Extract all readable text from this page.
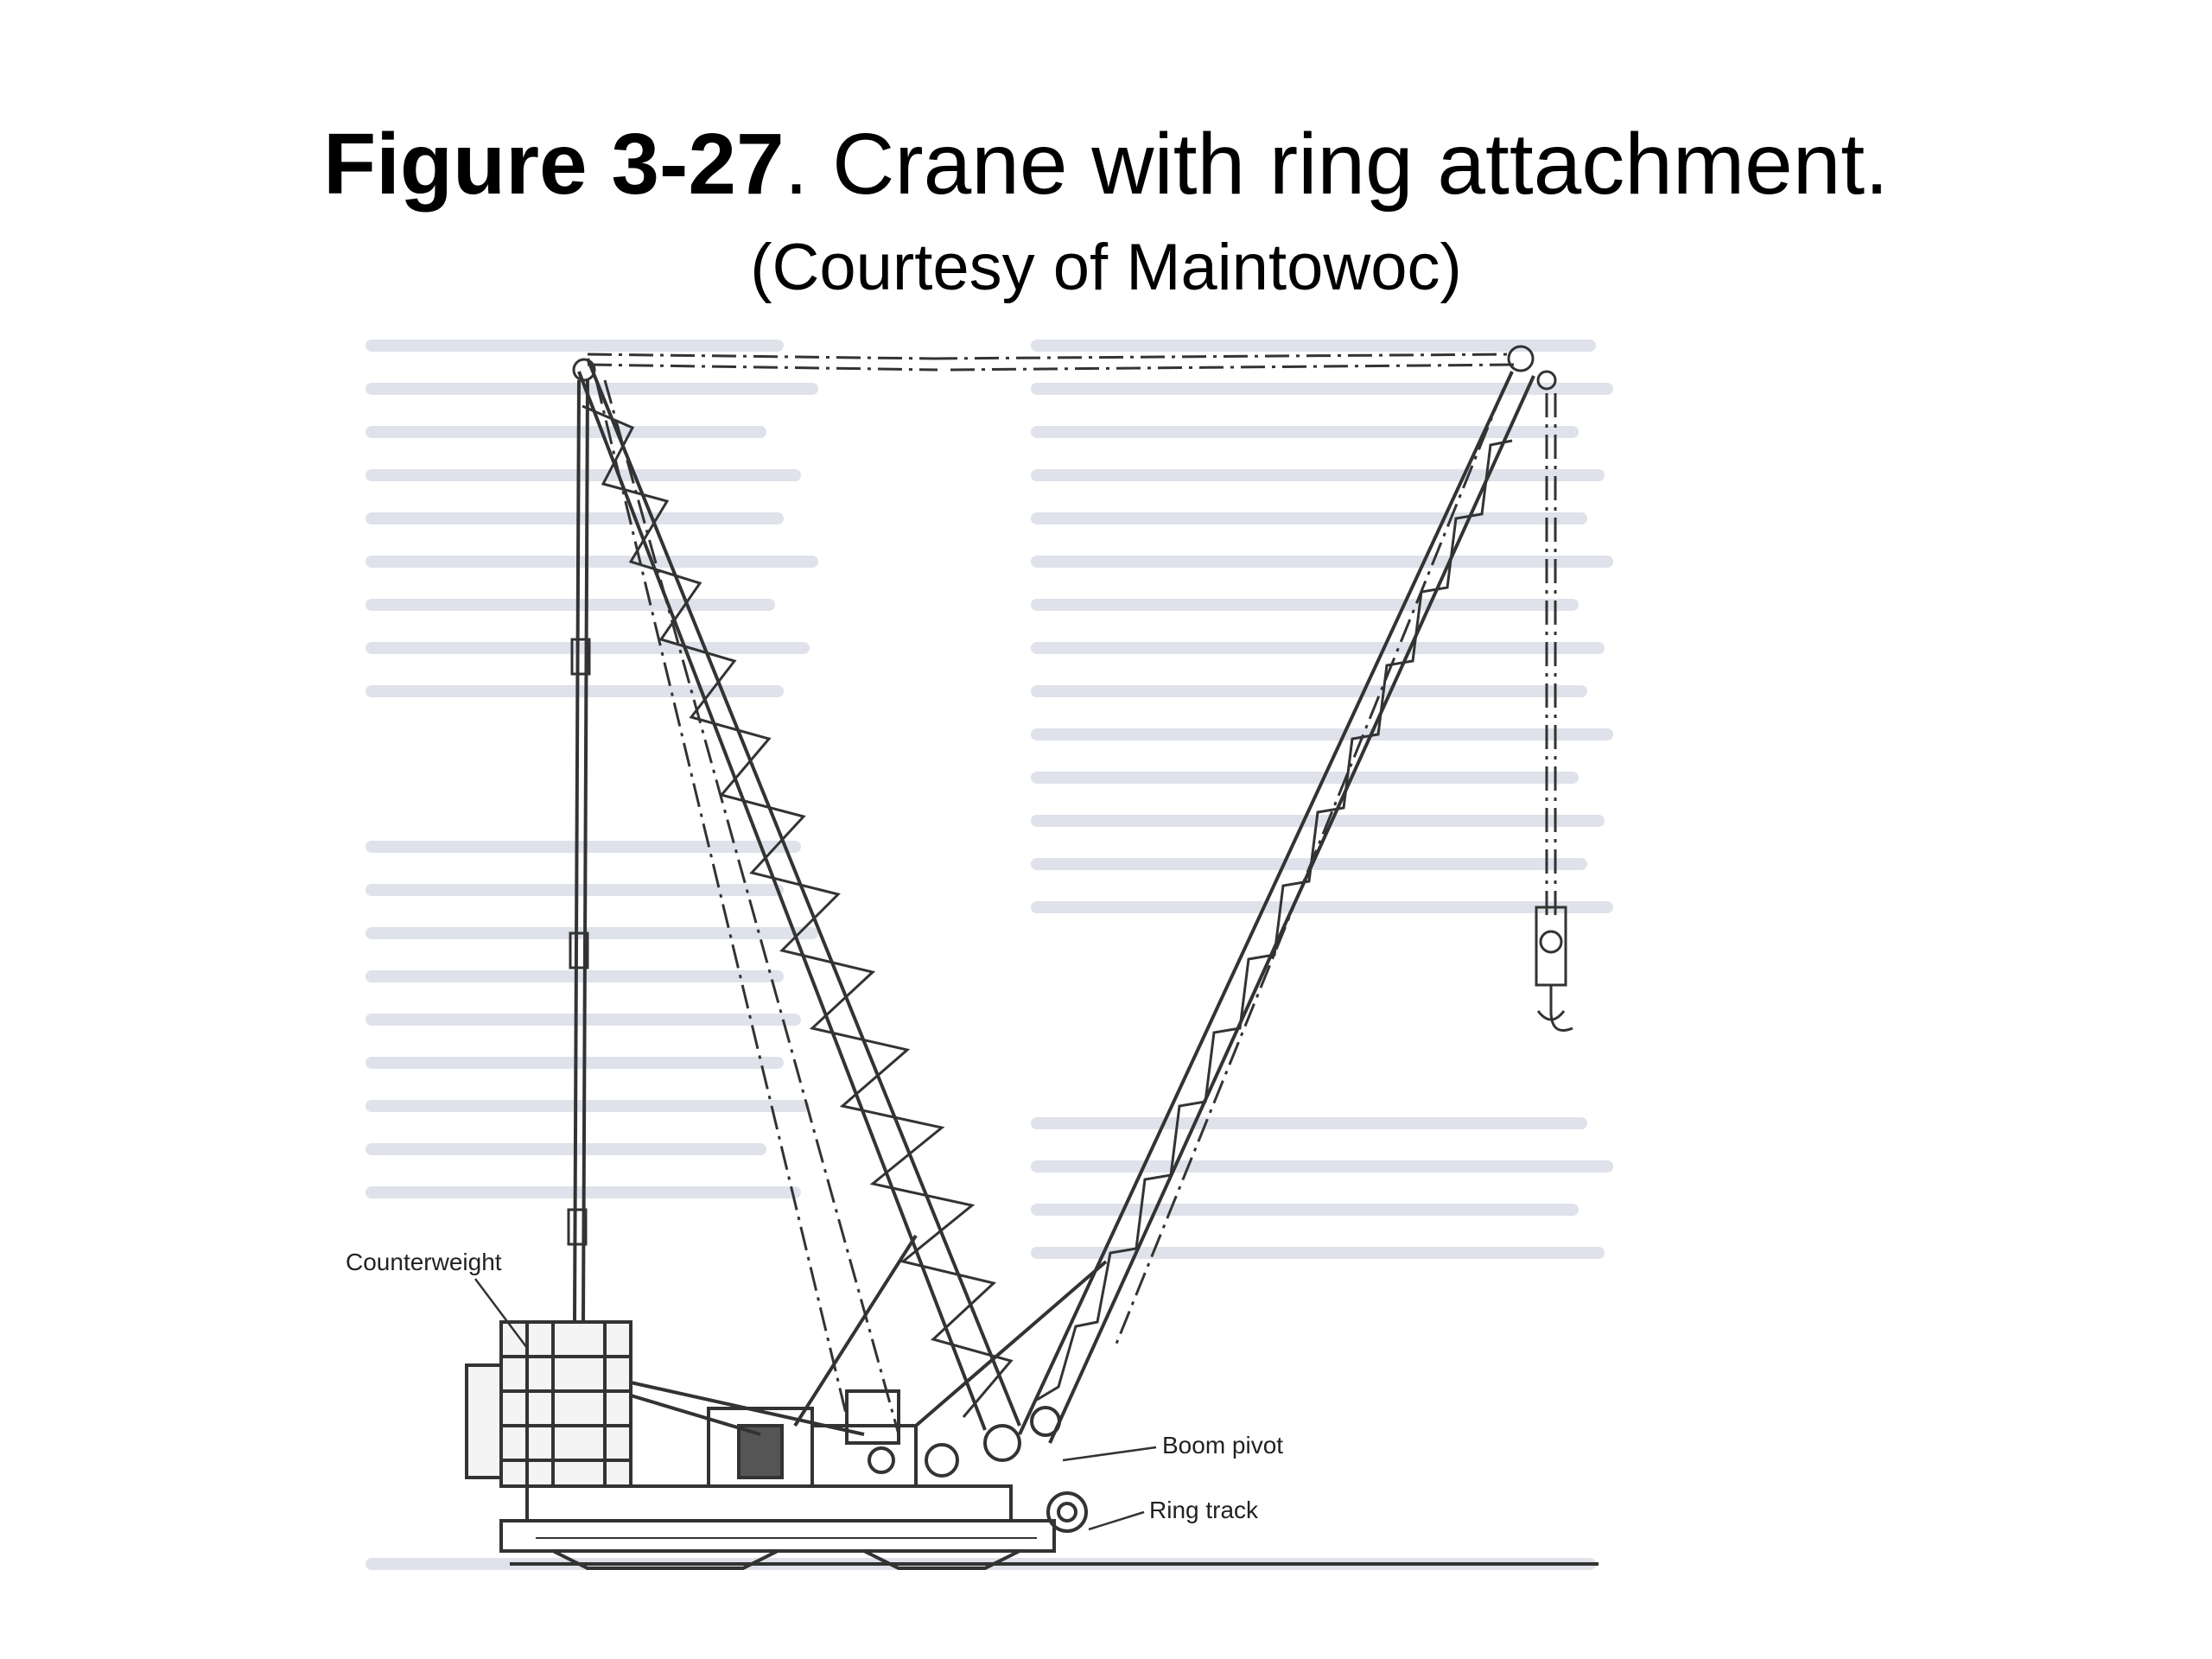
Figure 3-27. Crane with ring attachment.
(Courtesy of Maintowoc)
Counterweight
Boom pivot
Ring track
